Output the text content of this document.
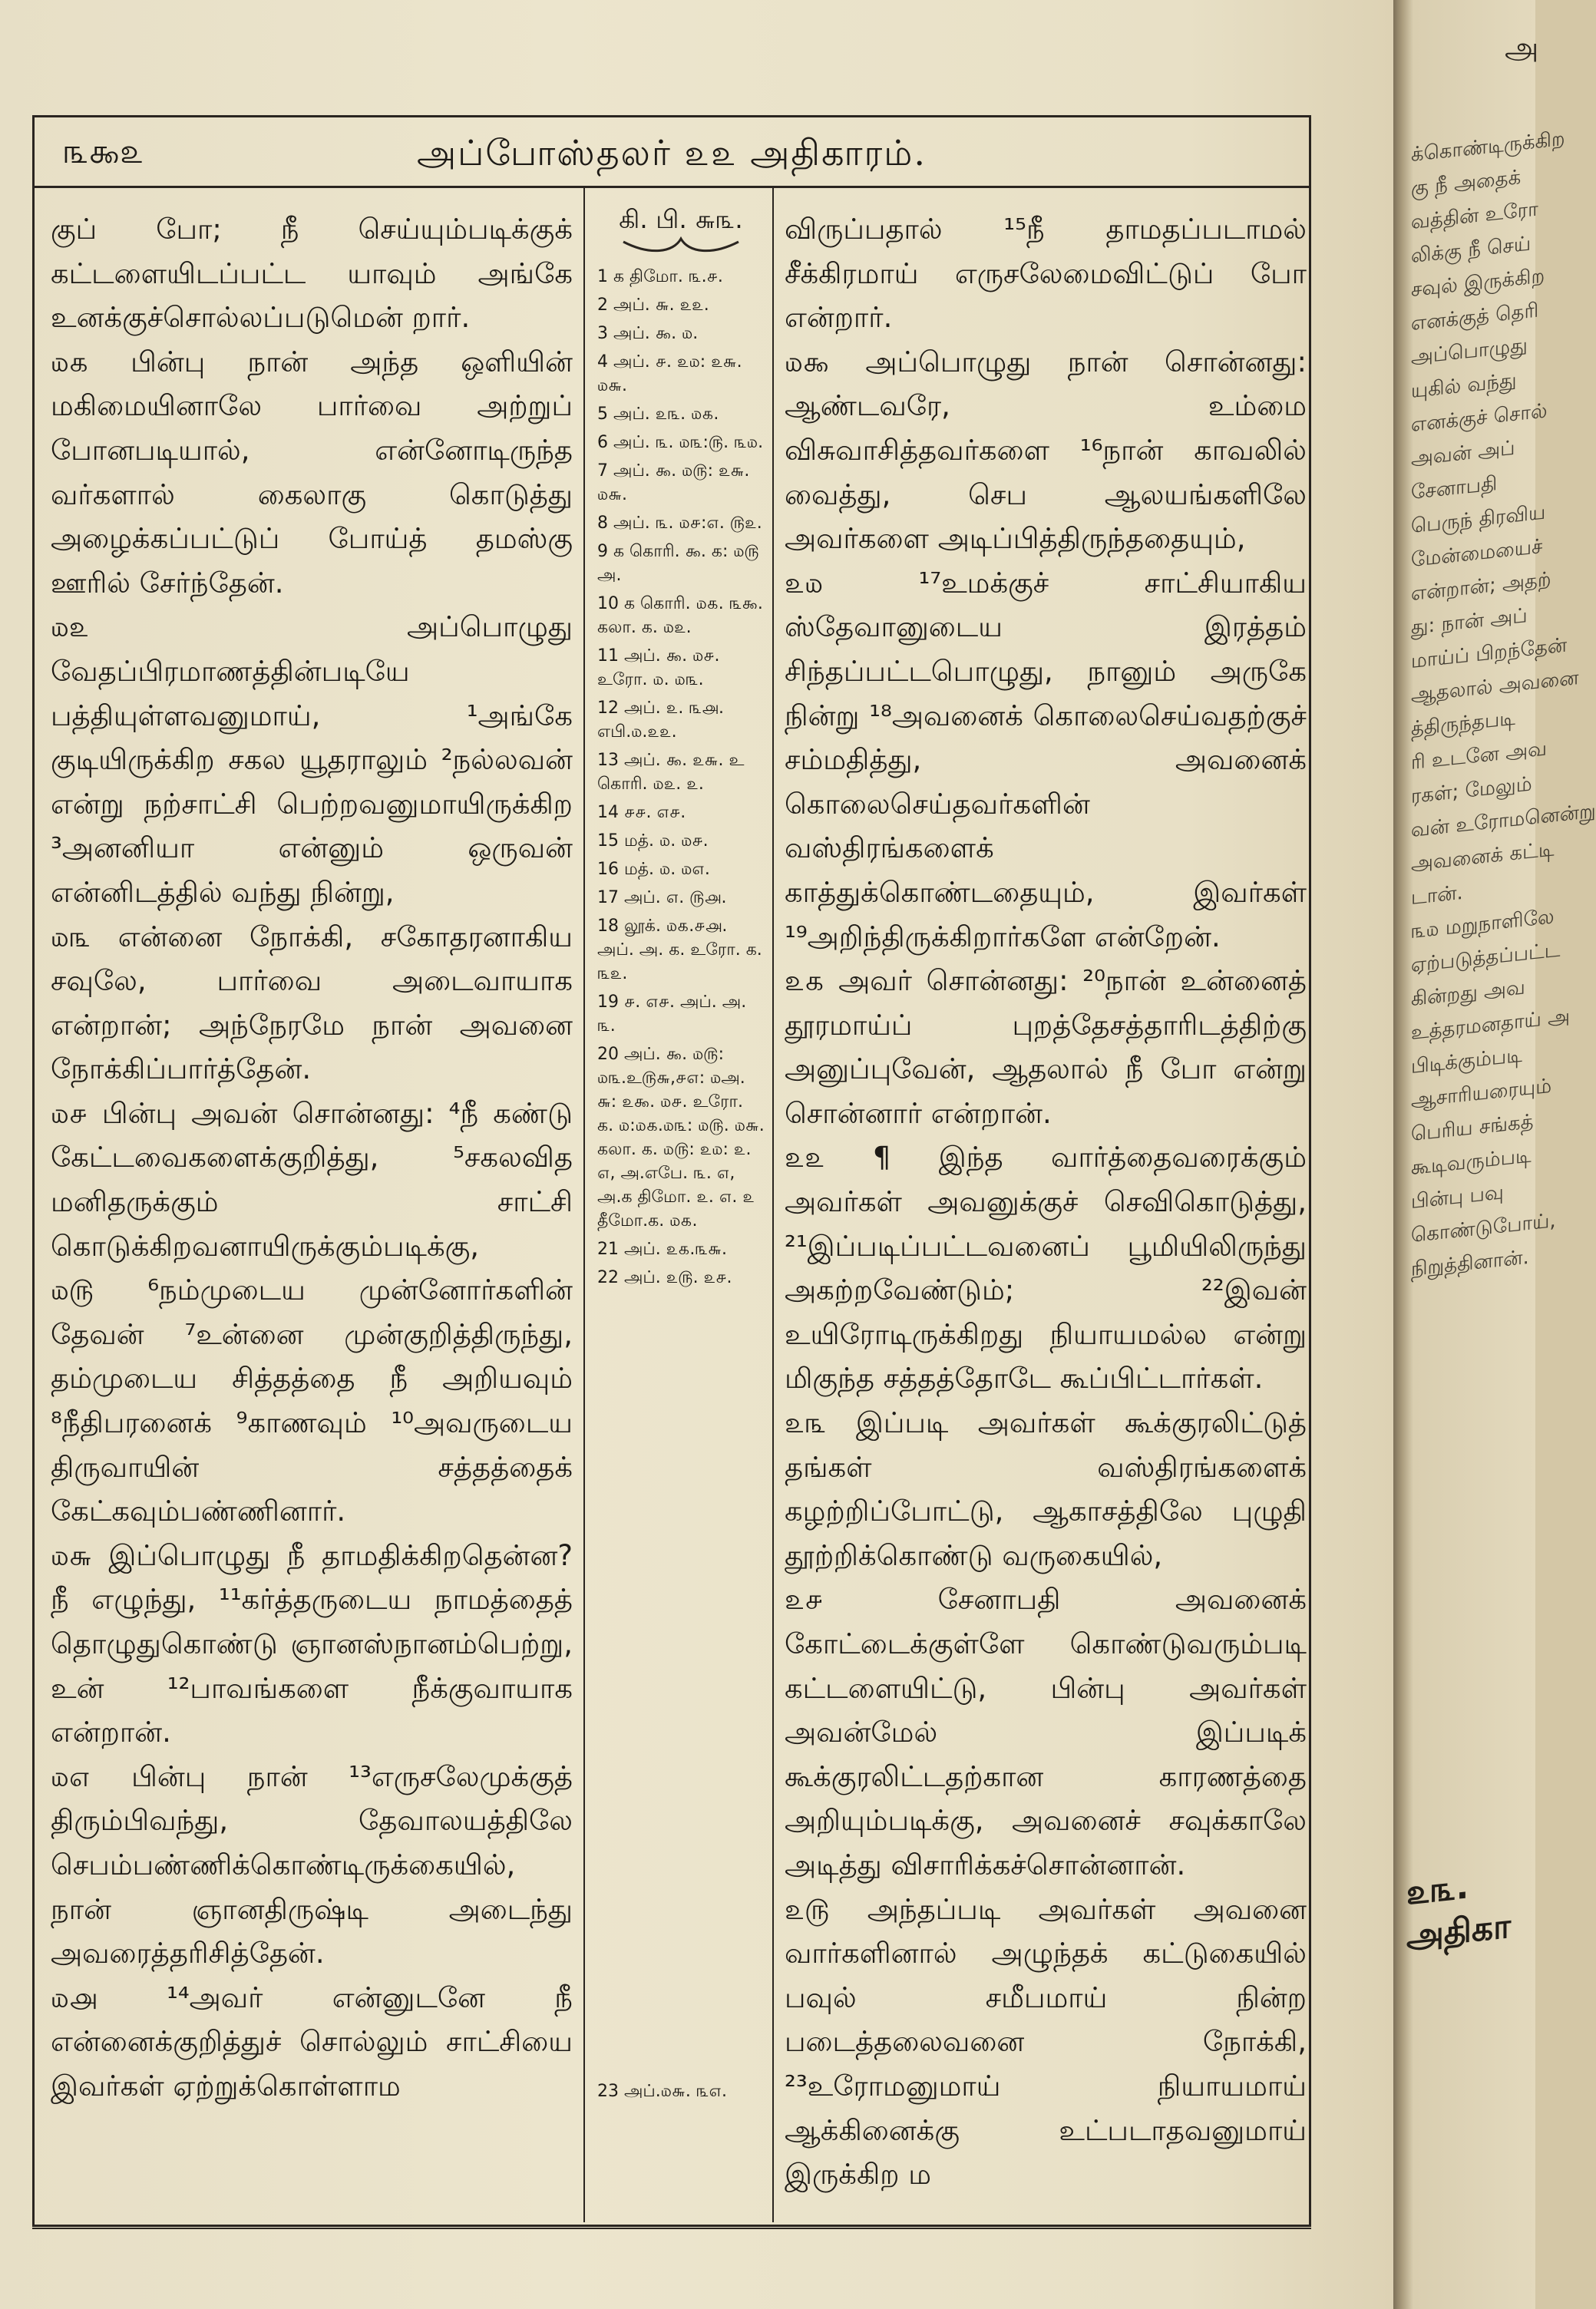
௩௯௨	அப்போஸ்தலர் ௨௨ அதிகாரம்.

குப் போ; நீ செய்யும்படிக்குக் கட்டளையிடப்பட்ட யாவும் அங்கே உனக்குச்சொல்லப்படுமென் றார்.

௰௧ பின்பு நான் அந்த ஒளியின் மகிமையினாலே பார்வை அற்றுப் போனபடியால், என்னோடிருந்த வர்களால் கைலாகு கொடுத்து அழைக்கப்பட்டுப் போய்த் தமஸ்கு ஊரில் சேர்ந்தேன்.

௰௨ அப்பொழுது வேதப்பிரமாணத்தின்படியே பத்தியுள்ளவனுமாய், ¹அங்கே குடியிருக்கிற சகல யூதராலும் ²நல்லவன் என்று நற்சாட்சி பெற்றவனுமாயிருக்கிற ³அனனியா என்னும் ஒருவன் என்னிடத்தில் வந்து நின்று,

௰௩ என்னை நோக்கி, சகோதரனாகிய சவுலே, பார்வை அடைவாயாக என்றான்; அந்நேரமே நான் அவனை நோக்கிப்பார்த்தேன்.

௰௪ பின்பு அவன் சொன்னது: ⁴நீ கண்டு கேட்டவைகளைக்குறித்து, ⁵சகலவித மனிதருக்கும் சாட்சி கொடுக்கிறவனாயிருக்கும்படிக்கு,

௰௫ ⁶நம்முடைய முன்னோர்களின் தேவன் ⁷உன்னை முன்குறித்திருந்து, தம்முடைய சித்தத்தை நீ அறியவும் ⁸நீதிபரனைக் ⁹காணவும் ¹⁰அவருடைய திருவாயின் சத்தத்தைக் கேட்கவும்பண்ணினார்.

௰௬ இப்பொழுது நீ தாமதிக்கிறதென்ன? நீ எழுந்து, ¹¹கர்த்தருடைய நாமத்தைத் தொழுதுகொண்டு ஞானஸ்நானம்பெற்று, உன் ¹²பாவங்களை நீக்குவாயாக என்றான்.

௰௭ பின்பு நான் ¹³எருசலேமுக்குத் திரும்பிவந்து, தேவாலயத்திலே செபம்பண்ணிக்கொண்டிருக்கையில், நான் ஞானதிருஷ்டி அடைந்து அவரைத்தரிசித்தேன்.

௰௮ ¹⁴அவர் என்னுடனே நீ என்னைக்குறித்துச் சொல்லும் சாட்சியை இவர்கள் ஏற்றுக்கொள்ளாம

கி. பி. ௬௩.

1 க திமோ. ௩.௪.

2 அப். ௬. ௨௨.

3 அப். ௯. ௰.

4 அப். ௪. ௨௰: ௨௬. ௰௬.

5 அப். ௨௩. ௰௧.

6 அப். ௩. ௰௩:௫. ௩௰.

7 அப். ௯. ௰௫: ௨௬. ௰௬.

8 அப். ௩. ௰௪:௭. ௫௨.

9 க கொரி. ௯. க: ௰௫ அ.

10 க கொரி. ௰௧. ௩௯. கலா. க. ௰௨.

11 அப். ௯. ௰௪. உரோ. ௰. ௰௩.

12 அப். ௨. ௩௮. எபி.௰.௨௨.

13 அப். ௯. ௨௬. உ கொரி. ௰௨. ௨.

14 ௪௪. ௭௪.

15 மத். ௰. ௰௪.

16 மத். ௰. ௰௭.

17 அப். ௭. ௫௮.

18 லூக். ௰௧.௪௮. அப். அ. க. உரோ. க. ௩௨.

19 ௪. ௭௪. அப். அ. ௩.

20 அப். ௯. ௰௫: ௰௩.உ௫௬,௪௭: ௰அ. ௬: ௨௯. ௰௪. உரோ. க. ௰:௰௧.௰௩: ௰௫. ௰௬. கலா. க. ௰௫: ௨௰: ௨. ௭, அ.எபே. ௩. ௭, அ.க திமோ. ௨. ௭. ௨ தீமோ.க. ௰௧.

21 அப். ௨௧.௩௬.

22 அப். ௨௫. ௨௪.

23 அப்.௰௬. ௩௭.

விருப்பதால் ¹⁵நீ தாமதப்படாமல் சீக்கிரமாய் எருசலேமைவிட்டுப் போ என்றார்.

௰௯ அப்பொழுது நான் சொன்னது: ஆண்டவரே, உம்மை விசுவாசித்தவர்களை ¹⁶நான் காவலில் வைத்து, செப ஆலயங்களிலே அவர்களை அடிப்பித்திருந்ததையும்,

௨௰ ¹⁷உமக்குச் சாட்சியாகிய ஸ்தேவானுடைய இரத்தம் சிந்தப்பட்டபொழுது, நானும் அருகே நின்று ¹⁸அவனைக் கொலைசெய்வதற்குச் சம்மதித்து, அவனைக் கொலைசெய்தவர்களின் வஸ்திரங்களைக் காத்துக்கொண்டதையும், இவர்கள் ¹⁹அறிந்திருக்கிறார்களே என்றேன்.

௨௧ அவர் சொன்னது: ²⁰நான் உன்னைத் தூரமாய்ப் புறத்தேசத்தாரிடத்திற்கு அனுப்புவேன், ஆதலால் நீ போ என்று சொன்னார் என்றான்.

௨௨ ¶ இந்த வார்த்தைவரைக்கும் அவர்கள் அவனுக்குச் செவிகொடுத்து, ²¹இப்படிப்பட்டவனைப் பூமியிலிருந்து அகற்றவேண்டும்; ²²இவன் உயிரோடிருக்கிறது நியாயமல்ல என்று மிகுந்த சத்தத்தோடே கூப்பிட்டார்கள்.

௨௩ இப்படி அவர்கள் கூக்குரலிட்டுத் தங்கள் வஸ்திரங்களைக் கழற்றிப்போட்டு, ஆகாசத்திலே புழுதி தூற்றிக்கொண்டு வருகையில்,

௨௪ சேனாபதி அவனைக் கோட்டைக்குள்ளே கொண்டுவரும்படி கட்டளையிட்டு, பின்பு அவர்கள் அவன்மேல் இப்படிக் கூக்குரலிட்டதற்கான காரணத்தை அறியும்படிக்கு, அவனைச் சவுக்காலே அடித்து விசாரிக்கச்சொன்னான்.

௨௫ அந்தப்படி அவர்கள் அவனை வார்களினால் அழுந்தக் கட்டுகையில் பவுல் சமீபமாய் நின்ற படைத்தலைவனை நோக்கி, ²³உரோமனுமாய் நியாயமாய் ஆக்கினைக்கு உட்படாதவனுமாய் இருக்கிற ம

அ

க்கொண்டிருக்கிற

கு நீ அதைக்

வத்தின் உரோ

லிக்கு நீ செய்

சவுல் இருக்கிற

எனக்குத் தெரி

அப்பொழுது

யுகில் வந்து

எனக்குச் சொல்

அவன் அப்

சேனாபதி

பெருந் திரவிய

மேன்மையைச்

என்றான்; அதற்

து: நான் அப்

மாய்ப் பிறந்தேன்

ஆதலால் அவனை

த்திருந்தபடி

ரி உடனே அவ

ரகள்; மேலும்

வன் உரோமனென்று

அவனைக் கட்டி

டான்.

௩௰ மறுநாளிலே

ஏற்படுத்தப்பட்ட

கின்றது அவ

உத்தரமனதாய் அ

பிடிக்கும்படி

ஆசாரியரையும்

பெரிய சங்கத்

கூடிவரும்படி

பின்பு பவு

கொண்டுபோய்,

நிறுத்தினான்.

௨௩. அதிகா
